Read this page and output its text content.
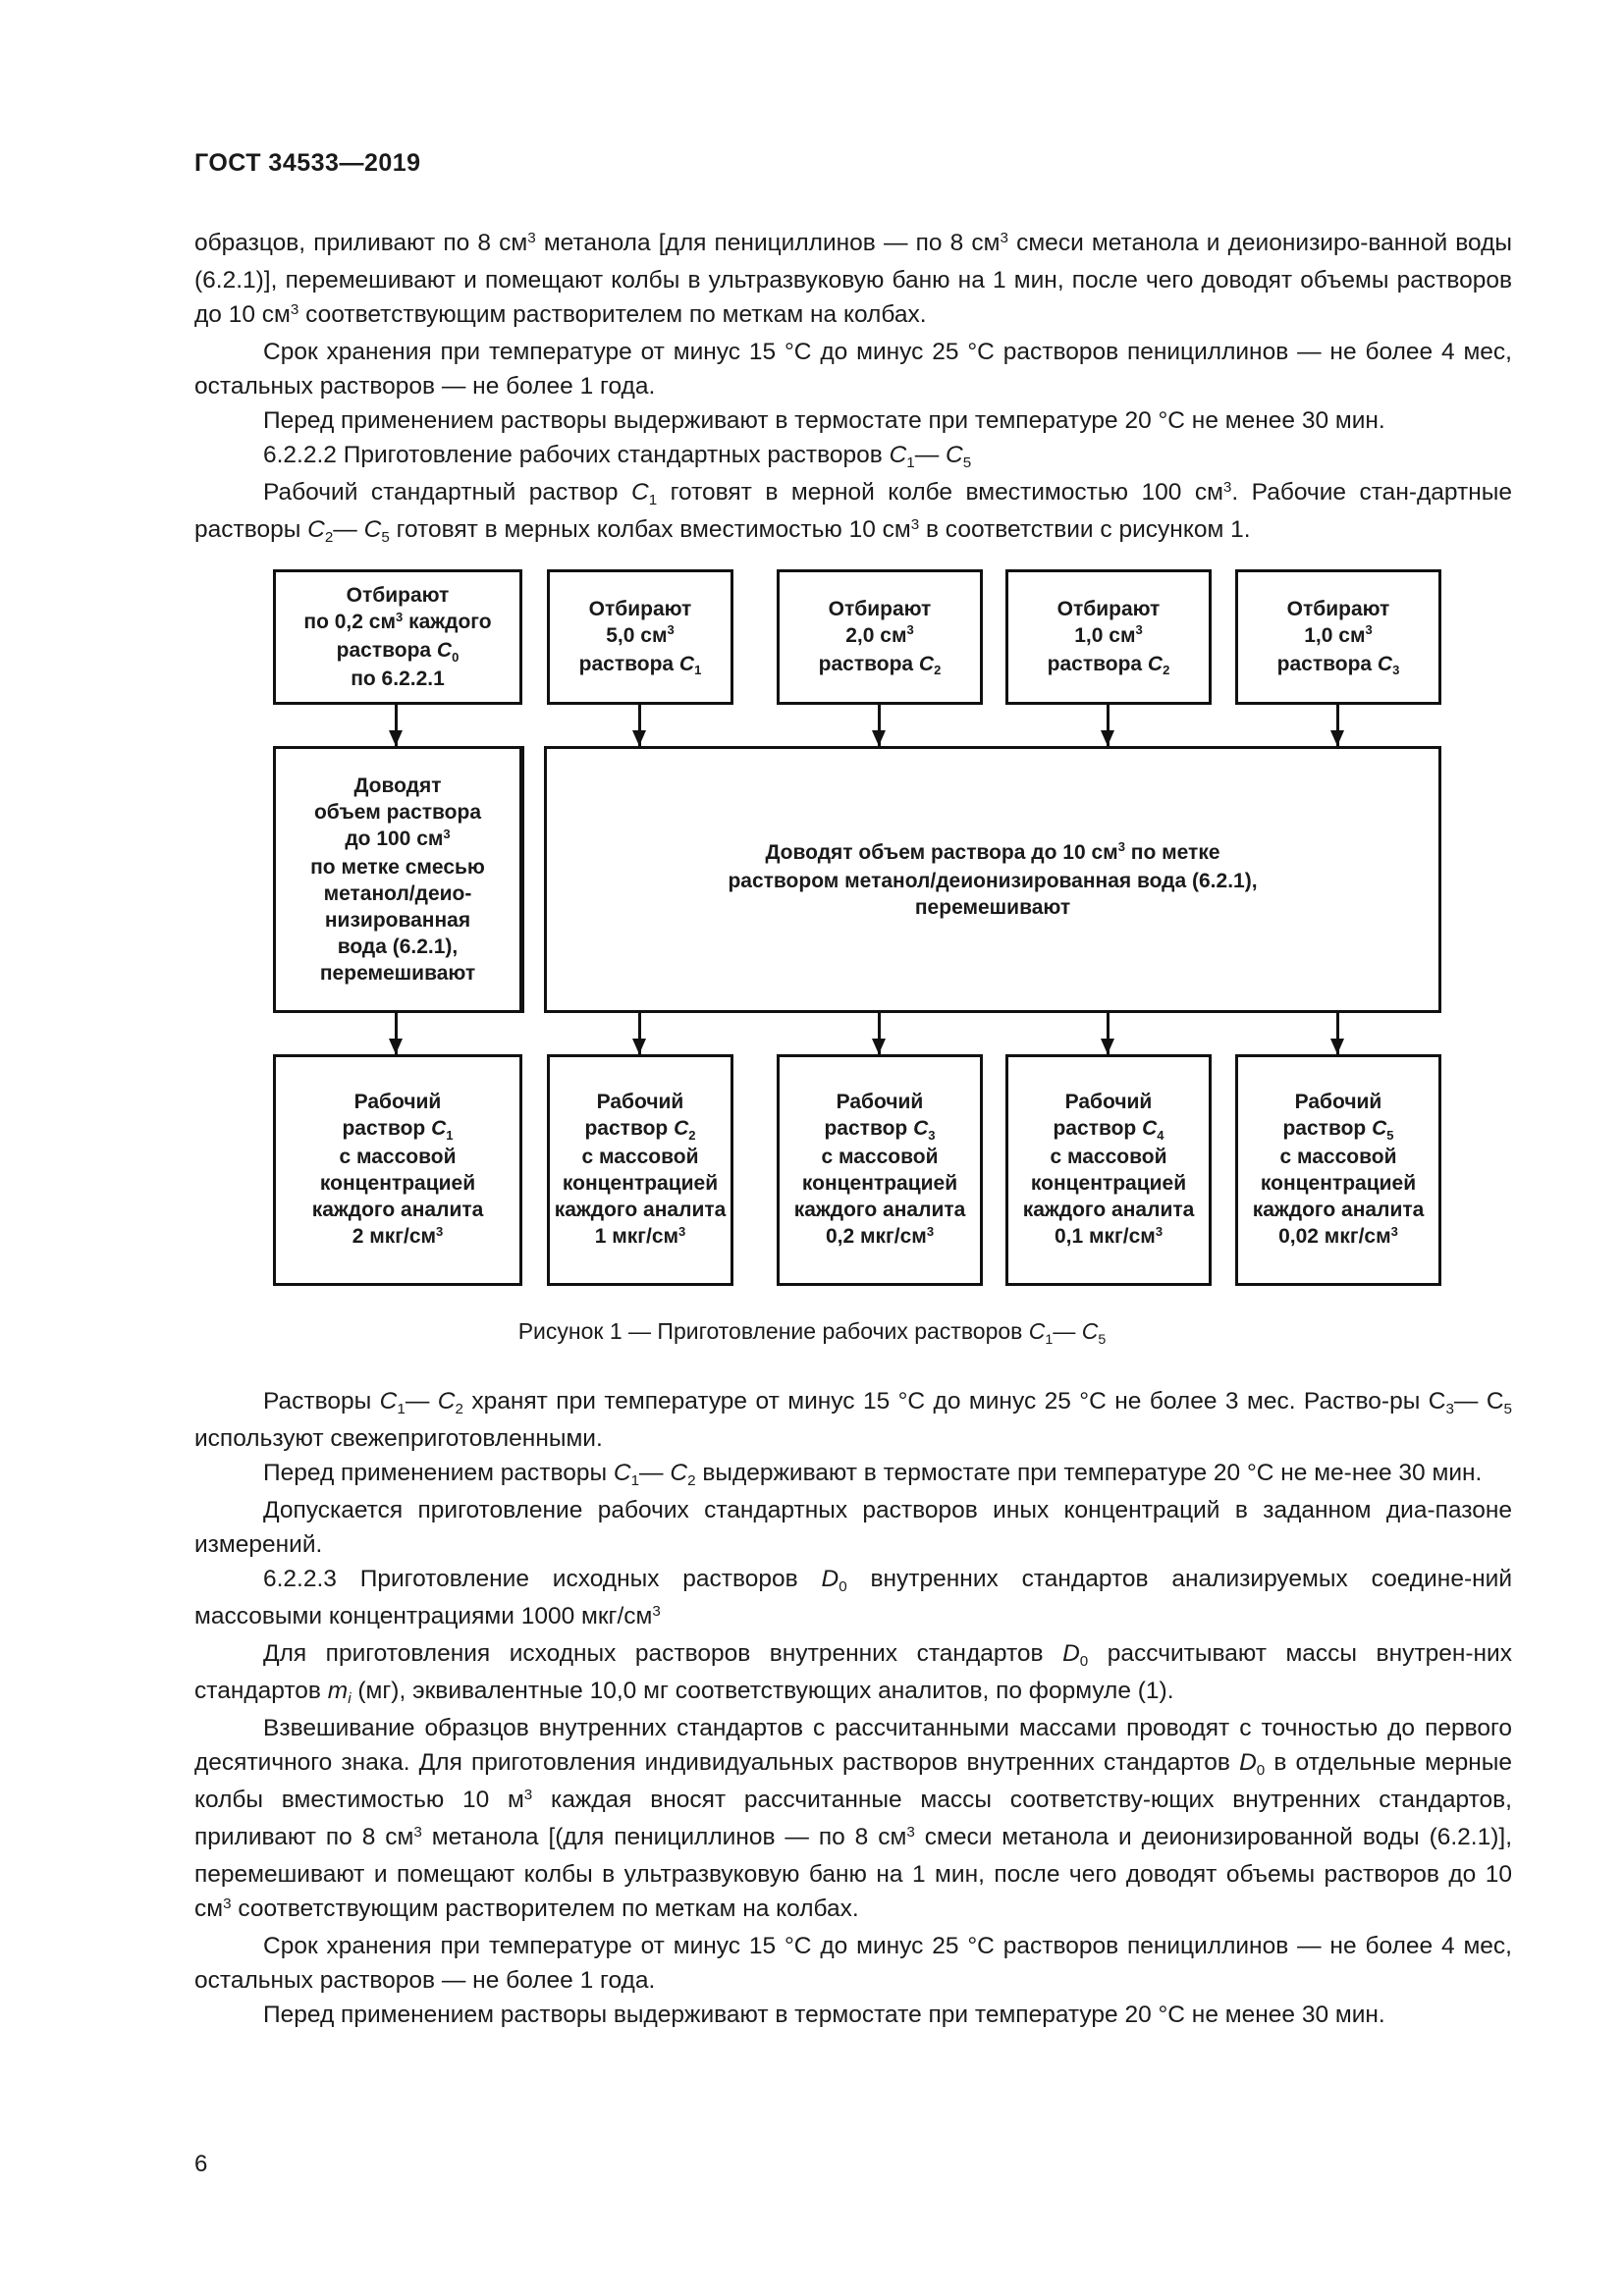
ГОСТ 34533—2019

образцов, приливают по 8 $см^3$ метанола [для пенициллинов — по 8 $см^3$ смеси метанола и деионизиро-ванной воды (6.2.1)], перемешивают и помещают колбы в ультразвуковую баню на 1 мин, после чего доводят объемы растворов до 10 $см^3$ соответствующим растворителем по меткам на колбах.

Срок хранения при температуре от минус 15 °С до минус 25 °С растворов пенициллинов — не более 4 мес, остальных растворов — не более 1 года.

Перед применением растворы выдерживают в термостате при температуре 20 °С не менее 30 мин.

6.2.2.2 Приготовление рабочих стандартных растворов $C_1—$ $C_5$

Рабочий стандартный раствор $C_1$ готовят в мерной колбе вместимостью 100 $см^3$. Рабочие стан-дартные растворы $C_2—$ $C_5$ готовят в мерных колбах вместимостью 10 $см^3$ в соответствии с рисунком 1.

Отбирают
по 0,2 $см^3$ каждого
раствора $C_0$
по 6.2.2.1
Отбирают
5,0 $см^3$
раствора $C_1$
Отбирают
2,0 $см^3$
раствора $C_2$
Отбирают
1,0 $см^3$
раствора $C_2$
Отбирают
1,0 $см^3$
раствора $C_3$
Доводят
объем раствора
до 100 $см^3$
по метке смесью
метанол/деио-
низированная
вода (6.2.1),
перемешивают
Доводят объем раствора до 10 $см^3$ по метке
раствором метанол/деионизированная вода (6.2.1),
перемешивают
Рабочий
раствор $C_1$
с массовой
концентрацией
каждого аналита
2 мкг/$см^3$
Рабочий
раствор $C_2$
с массовой
концентрацией
каждого аналита
1 мкг/$см^3$
Рабочий
раствор $C_3$
с массовой
концентрацией
каждого аналита
0,2 мкг/$см^3$
Рабочий
раствор $C_4$
с массовой
концентрацией
каждого аналита
0,1 мкг/$см^3$
Рабочий
раствор $C_5$
с массовой
концентрацией
каждого аналита
0,02 мкг/$см^3$
Рисунок 1 — Приготовление рабочих растворов $C_1—$ $C_5$

Растворы $C_1—$ $C_2$ хранят при температуре от минус 15 °С до минус 25 °С не более 3 мес. Раство-ры $С_3—$ $С_5$ используют свежеприготовленными.

Перед применением растворы $C_1—$ $C_2$ выдерживают в термостате при температуре 20 °С не ме-нее 30 мин.

Допускается приготовление рабочих стандартных растворов иных концентраций в заданном диа-пазоне измерений.

6.2.2.3 Приготовление исходных растворов $D_0$ внутренних стандартов анализируемых соедине-ний массовыми концентрациями 1000 мкг/$см^3$

Для приготовления исходных растворов внутренних стандартов $D_0$ рассчитывают массы внутрен-них стандартов $m_i$ (мг), эквивалентные 10,0 мг соответствующих аналитов, по формуле (1).

Взвешивание образцов внутренних стандартов с рассчитанными массами проводят с точностью до первого десятичного знака. Для приготовления индивидуальных растворов внутренних стандартов $D_0$ в отдельные мерные колбы вместимостью 10 $м^3$ каждая вносят рассчитанные массы соответству-ющих внутренних стандартов, приливают по 8 $см^3$ метанола [(для пенициллинов — по 8 $см^3$ смеси метанола и деионизированной воды (6.2.1)], перемешивают и помещают колбы в ультразвуковую баню на 1 мин, после чего доводят объемы растворов до 10 $см^3$ соответствующим растворителем по меткам на колбах.

Срок хранения при температуре от минус 15 °С до минус 25 °С растворов пенициллинов — не более 4 мес, остальных растворов — не более 1 года.

Перед применением растворы выдерживают в термостате при температуре 20 °С не менее 30 мин.

6
